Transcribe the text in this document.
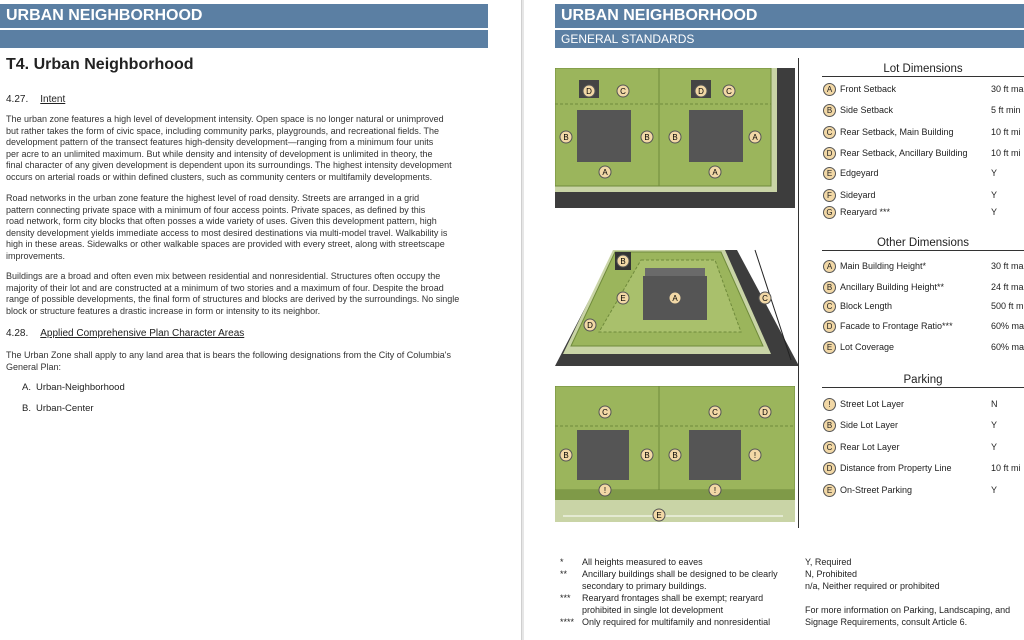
URBAN NEIGHBORHOOD
T4. Urban Neighborhood
4.27. Intent
The urban zone features a high level of development intensity. Open space is no longer natural or unimproved
but rather takes the form of civic space, including community parks, playgrounds, and recreational fields. The
development pattern of the transect features high-density development—ranging from a minimum four units
per acre to an unlimited maximum. But while density and intensity of development is unlimited in theory, the
final character of any given development is dependent upon its surroundings. The highest intensity development
occurs on arterial roads or within defined clusters, such as community centers or multifamily developments.
Road networks in the urban zone feature the highest level of road density. Streets are arranged in a grid
pattern connecting private space with a minimum of four access points. Private spaces, as defined by this
road network, form city blocks that often posses a wide variety of uses. Given this development pattern, high
density development yields immediate access to most desired destinations via multi-model travel. Walkability is
high in these areas. Sidewalks or other walkable spaces are provided with every street, along with streetscape
improvements.
Buildings are a broad and often even mix between residential and nonresidential. Structures often occupy the
majority of their lot and are constructed at a minimum of two stories and a maximum of four. Despite the broad
range of possible developments, the final form of structures and blocks are derived by the surroundings. No single
block or structure features a drastic increase in form or intensity to its neighbor.
4.28. Applied Comprehensive Plan Character Areas
The Urban Zone shall apply to any land area that is bears the following designations from the City of Columbia's
General Plan:
A. Urban-Neighborhood
B. Urban-Center
URBAN NEIGHBORHOOD
GENERAL STANDARDS
D	C	D	C
B	B	B	A
A	A
B
E	A
D
C
C	C	D
B	B	B	!
!	!
E
Lot Dimensions
A Front Setback	30 ft ma
B Side Setback	5 ft min
C Rear Setback, Main Building	10 ft mi
D Rear Setback, Ancillary Building	10 ft mi
E Edgeyard	Y
F Sideyard	Y
G Rearyard ***	Y
Other Dimensions
A Main Building Height*	30 ft ma
B Ancillary Building Height**	24 ft ma
C Block Length	500 ft m
D Facade to Frontage Ratio***	60% ma
E Lot Coverage	60% ma
Parking
!	Street Lot Layer	N
B Side Lot Layer	Y
C Rear Lot Layer	Y
D Distance from Property Line	10 ft mi
E On-Street Parking	Y
*	All heights measured to eaves
**	Ancillary buildings shall be designed to be clearly
secondary to primary buildings.
***	Rearyard frontages shall be exempt; rearyard
prohibited in single lot development
**** Only required for multifamily and nonresidential
Y, Required
N, Prohibited
n/a, Neither required or prohibited
For more information on Parking, Landscaping, and
Signage Requirements, consult Article 6.
